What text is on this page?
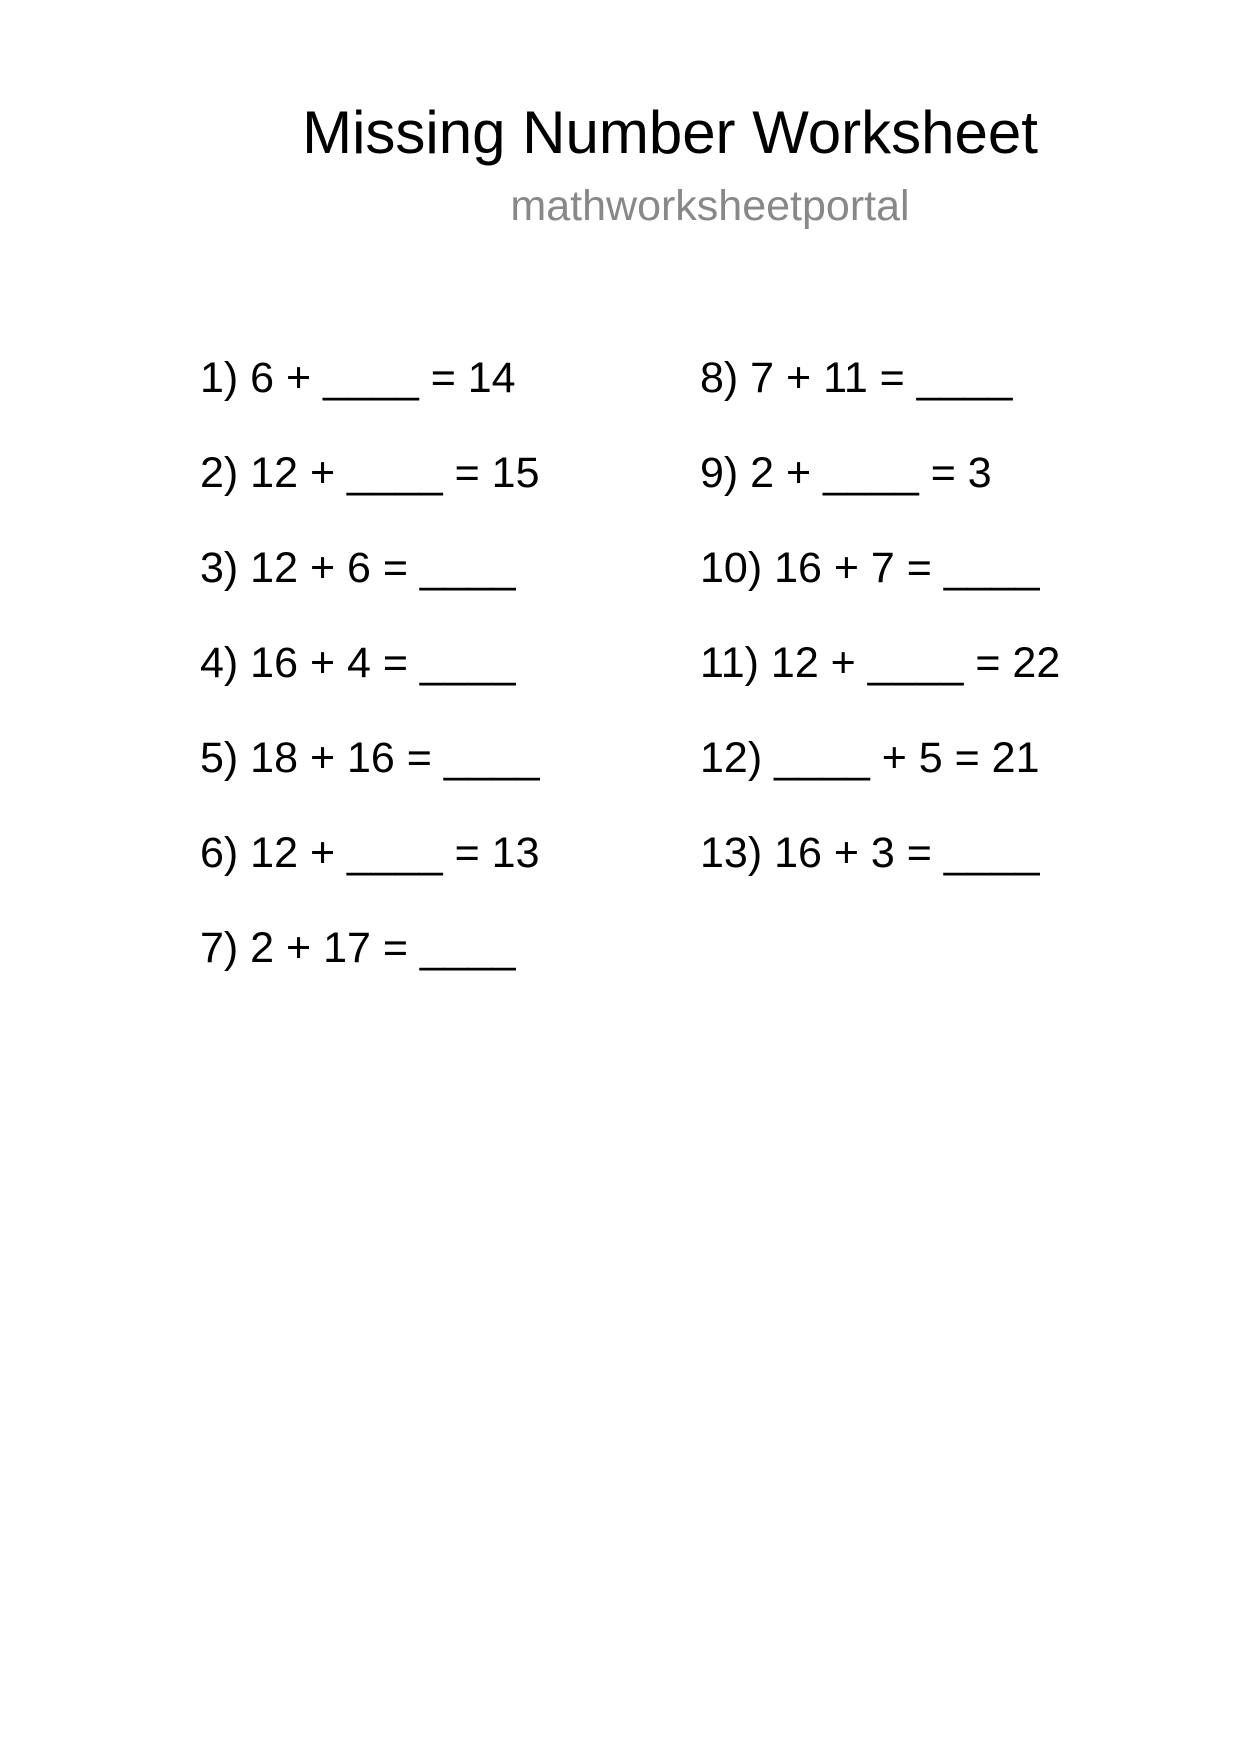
Missing Number Worksheet
mathworksheetportal
1) 6 + ____ = 14
2) 12 + ____ = 15
3) 12 + 6 = ____
4) 16 + 4 = ____
5) 18 + 16 = ____
6) 12 + ____ = 13
7) 2 + 17 = ____
8) 7 + 11 = ____
9) 2 + ____ = 3
10) 16 + 7 = ____
11) 12 + ____ = 22
12) ____ + 5 = 21
13) 16 + 3 = ____
